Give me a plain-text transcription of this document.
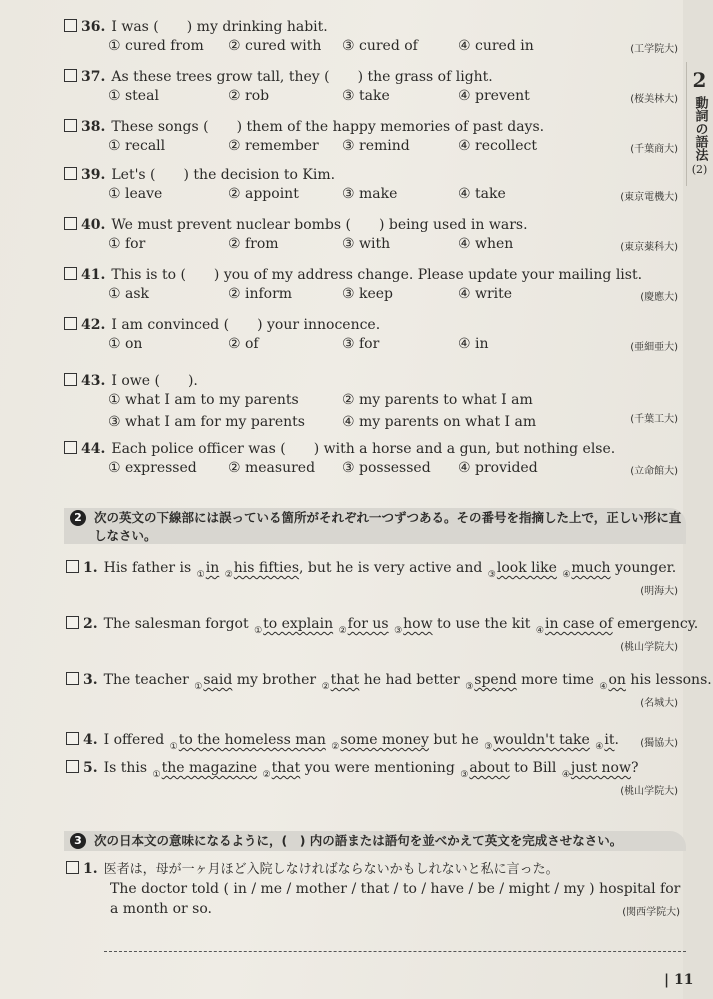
2
動詞の語法
(2)
36. I was (　　) my drinking habit.
① cured from ② cured with ③ cured of	④ cured in	(工学院大)
37. As these trees grow tall, they (　　) the grass of light.
① steal	② rob	③ take	④ prevent	(桜美林大)
38. These songs (　　) them of the happy memories of past days.
① recall	② remember ③ remind	④ recollect	(千葉商大)
39. Let's (　　) the decision to Kim.
① leave	② appoint	③ make	④ take	(東京電機大)
40. We must prevent nuclear bombs (　　) being used in wars.
① for	② from	③ with	④ when	(東京薬科大)
41. This is to (　　) you of my address change. Please update your mailing list.
① ask	② inform	③ keep	④ write	(慶應大)
42. I am convinced (　　) your innocence.
① on	② of	③ for	④ in	(亜細亜大)
44. Each police officer was (　　) with a horse and a gun, but nothing else.
① expressed ② measured ③ possessed ④ provided	(立命館大)
43. I owe (　　).
① what I am to my parents	② my parents to what I am
③ what I am for my parents	④ my parents on what I am	(千葉工大)
2 次の英文の下線部には誤っている箇所がそれぞれ一つずつある。その番号を指摘した上で，正しい形に直しなさい。
1. His father is ①in ②his fifties, but he is very active and ③look like ④much younger.
(明海大)
2. The salesman forgot ①to explain ②for us ③how to use the kit ④in case of emergency.
(桃山学院大)
3. The teacher ①said my brother ②that he had better ③spend more time ④on his lessons.
(名城大)
4. I offered ①to the homeless man ②some money but he ③wouldn't take ④it. (獨協大)
5. Is this ①the magazine ②that you were mentioning ③about to Bill ④just now?
(桃山学院大)
3 次の日本文の意味になるように，(　) 内の語または語句を並べかえて英文を完成させなさい。
1. 医者は，母が一ヶ月ほど入院しなければならないかもしれないと私に言った。
The doctor told ( in / me / mother / that / to / have / be / might / my ) hospital for
a month or so.	(関西学院大)
| 11
